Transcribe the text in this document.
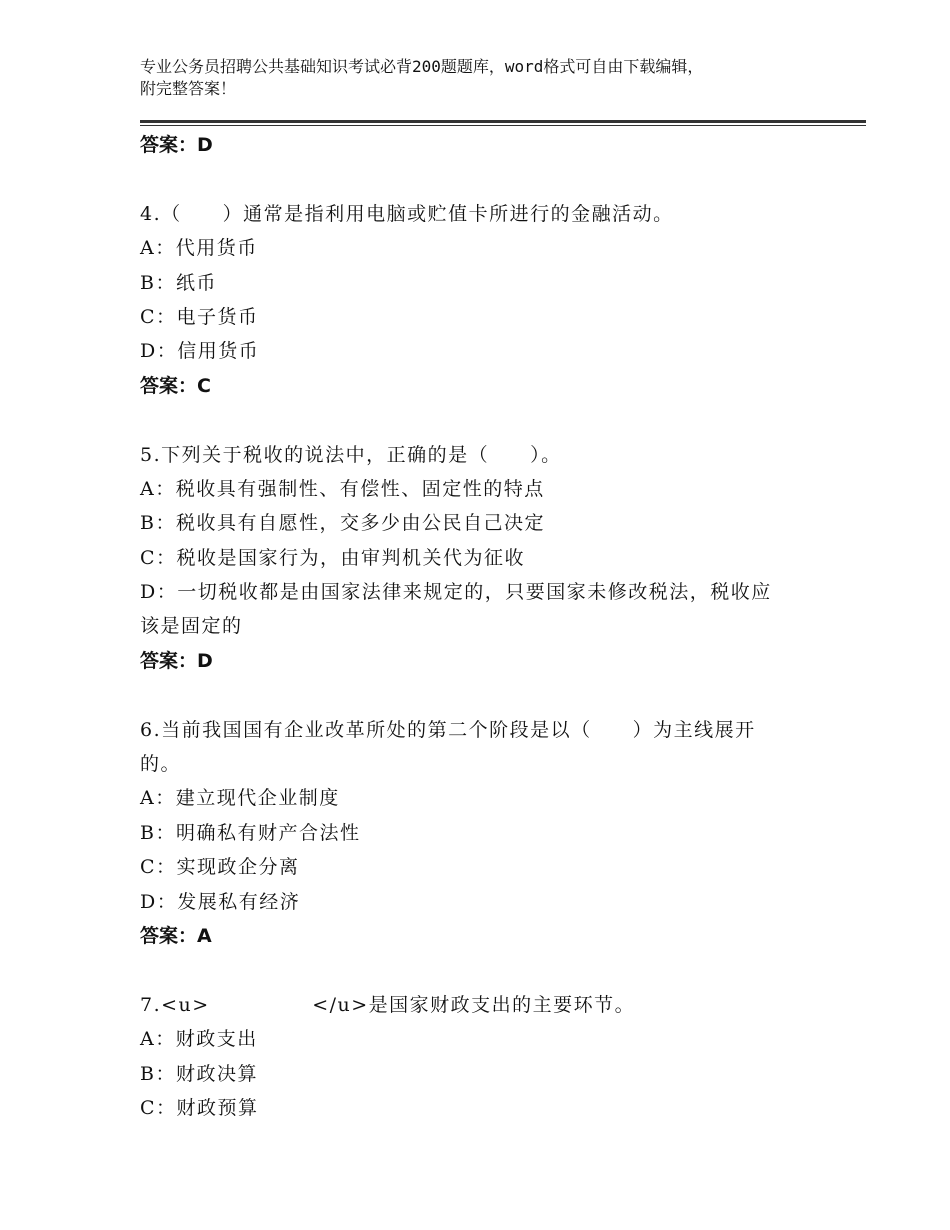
专业公务员招聘公共基础知识考试必背200题题库，word格式可自由下载编辑，
附完整答案！
答案：D
4.（　　）通常是指利用电脑或贮值卡所进行的金融活动。
A：代用货币
B：纸币
C：电子货币
D：信用货币
答案：C
5.下列关于税收的说法中，正确的是（　　）。
A：税收具有强制性、有偿性、固定性的特点
B：税收具有自愿性，交多少由公民自己决定
C：税收是国家行为，由审判机关代为征收
D：一切税收都是由国家法律来规定的，只要国家未修改税法，税收应
该是固定的
答案：D
6.当前我国国有企业改革所处的第二个阶段是以（　　）为主线展开
的。
A：建立现代企业制度
B：明确私有财产合法性
C：实现政企分离
D：发展私有经济
答案：A
7.<u>　　　　　</u>是国家财政支出的主要环节。
A：财政支出
B：财政决算
C：财政预算
